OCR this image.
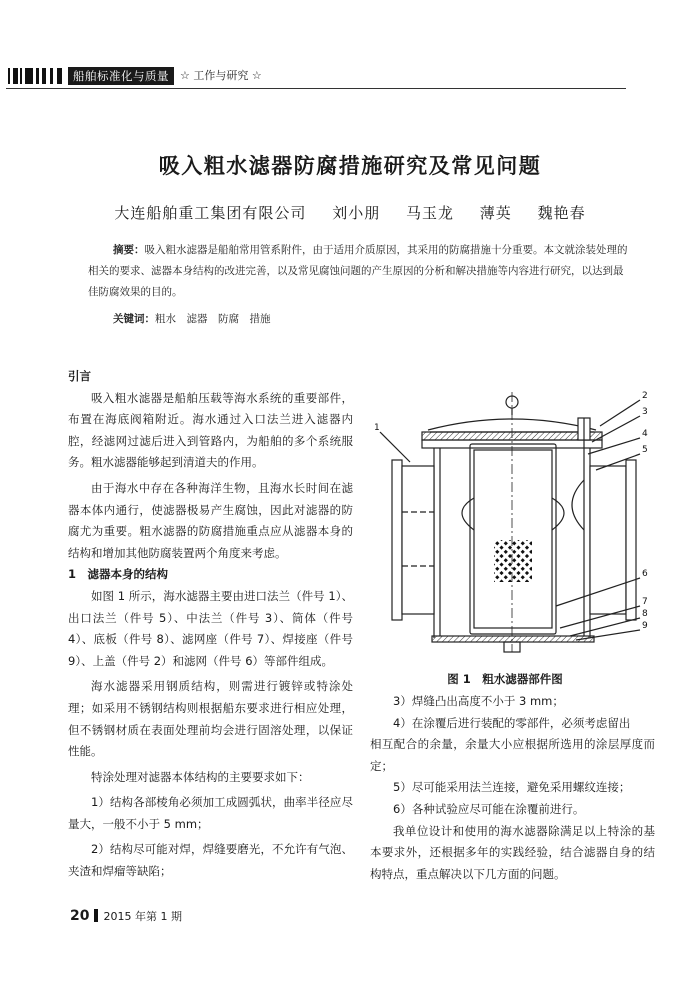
船舶标准化与质量	☆ 工作与研究 ☆
吸入粗水滤器防腐措施研究及常见问题
大连船舶重工集团有限公司 刘小朋 马玉龙 薄英 魏艳春
摘要：吸入粗水滤器是船舶常用管系附件，由于适用介质原因，其采用的防腐措施十分重要。本文就涂装处理的相关的要求、滤器本身结构的改进完善，以及常见腐蚀问题的产生原因的分析和解决措施等内容进行研究，以达到最佳防腐效果的目的。
关键词：粗水　滤器　防腐　措施
引言

吸入粗水滤器是船舶压载等海水系统的重要部件，布置在海底阀箱附近。海水通过入口法兰进入滤器内腔，经滤网过滤后进入到管路内，为船舶的多个系统服务。粗水滤器能够起到清道夫的作用。

由于海水中存在各种海洋生物，且海水长时间在滤器本体内通行，使滤器极易产生腐蚀，因此对滤器的防腐尤为重要。粗水滤器的防腐措施重点应从滤器本身的结构和增加其他防腐装置两个角度来考虑。

1　滤器本身的结构

如图 1 所示，海水滤器主要由进口法兰（件号 1）、出口法兰（件号 5）、中法兰（件号 3）、筒体（件号 4）、底板（件号 8）、滤网座（件号 7）、焊接座（件号 9）、上盖（件号 2）和滤网（件号 6）等部件组成。

海水滤器采用钢质结构，则需进行镀锌或特涂处理；如采用不锈钢结构则根据船东要求进行相应处理，但不锈钢材质在表面处理前均会进行固溶处理，以保证性能。

特涂处理对滤器本体结构的主要要求如下：

1）结构各部棱角必须加工成圆弧状，曲率半径应尽量大，一般不小于 5 mm；

2）结构尽可能对焊，焊缝要磨光，不允许有气泡、夹渣和焊瘤等缺陷；

1
2
3
4
5
6
7
8
9
图 1　粗水滤器部件图

3）焊缝凸出高度不小于 3 mm；

4）在涂覆后进行装配的零部件，必须考虑留出

相互配合的余量，余量大小应根据所选用的涂层厚度而定；

5）尽可能采用法兰连接，避免采用螺纹连接；

6）各种试验应尽可能在涂覆前进行。

我单位设计和使用的海水滤器除满足以上特涂的基本要求外，还根据多年的实践经验，结合滤器自身的结构特点，重点解决以下几方面的问题。

20 2015 年第 1 期
